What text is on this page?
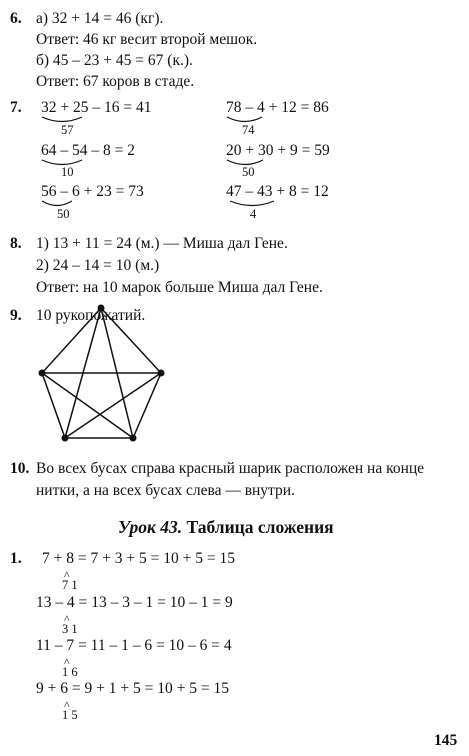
6. а) 32 + 14 = 46 (кг).
Ответ: 46 кг весит второй мешок.
б) 45 – 23 + 45 = 67 (к.).
Ответ: 67 коров в стаде.
7. 32 + 25 – 16 = 41
57
78 – 4 + 12 = 86
74
64 – 54 – 8 = 2
10
20 + 30 + 9 = 59
50
56 – 6 + 23 = 73
50
47 – 43 + 8 = 12
4
8. 1) 13 + 11 = 24 (м.) — Миша дал Гене.
2) 24 – 14 = 10 (м.)
Ответ: на 10 марок больше Миша дал Гене.
9. 10 рукопожатий.
10. Во всех бусах справа красный шарик расположен на конце
нитки, а на всех бусах слева — внутри.
Урок 43. Таблица сложения
1. 7 + 8 = 7 + 3 + 5 = 10 + 5 = 15
^
7 1
13 – 4 = 13 – 3 – 1 = 10 – 1 = 9
^
3 1
11 – 7 = 11 – 1 – 6 = 10 – 6 = 4
^
1 6
9 + 6 = 9 + 1 + 5 = 10 + 5 = 15
^
1 5
145
